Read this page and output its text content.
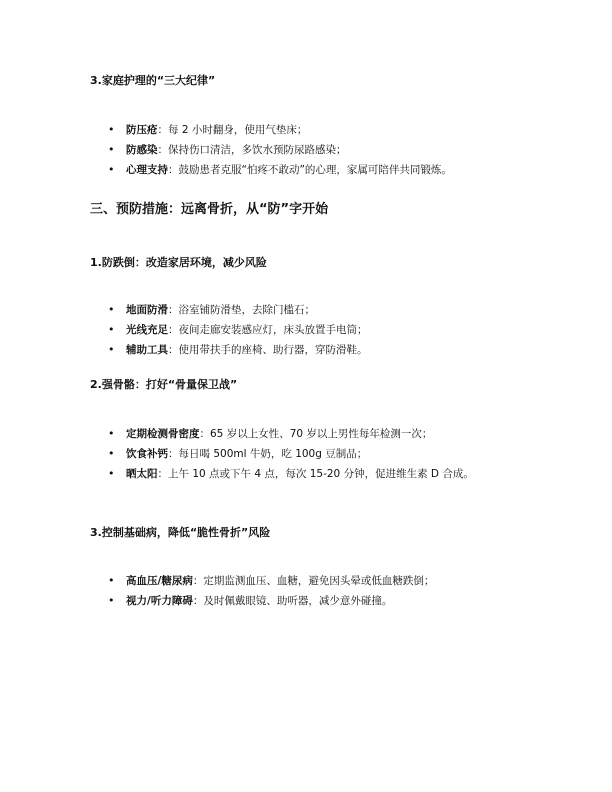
3.家庭护理的“三大纪律”
• 防压疮：每 2 小时翻身，使用气垫床；
• 防感染：保持伤口清洁，多饮水预防尿路感染；
• 心理支持：鼓励患者克服“怕疼不敢动”的心理，家属可陪伴共同锻炼。
三、预防措施：远离骨折，从“防”字开始
1.防跌倒：改造家居环境，减少风险
• 地面防滑：浴室铺防滑垫，去除门槛石；
• 光线充足：夜间走廊安装感应灯，床头放置手电筒；
• 辅助工具：使用带扶手的座椅、助行器，穿防滑鞋。
2.强骨骼：打好“骨量保卫战”
• 定期检测骨密度：65 岁以上女性、70 岁以上男性每年检测一次；
• 饮食补钙：每日喝 500ml 牛奶，吃 100g 豆制品；
• 晒太阳：上午 10 点或下午 4 点，每次 15-20 分钟，促进维生素 D 合成。
3.控制基础病，降低“脆性骨折”风险
• 高血压/糖尿病：定期监测血压、血糖，避免因头晕或低血糖跌倒；
• 视力/听力障碍：及时佩戴眼镜、助听器，减少意外碰撞。
